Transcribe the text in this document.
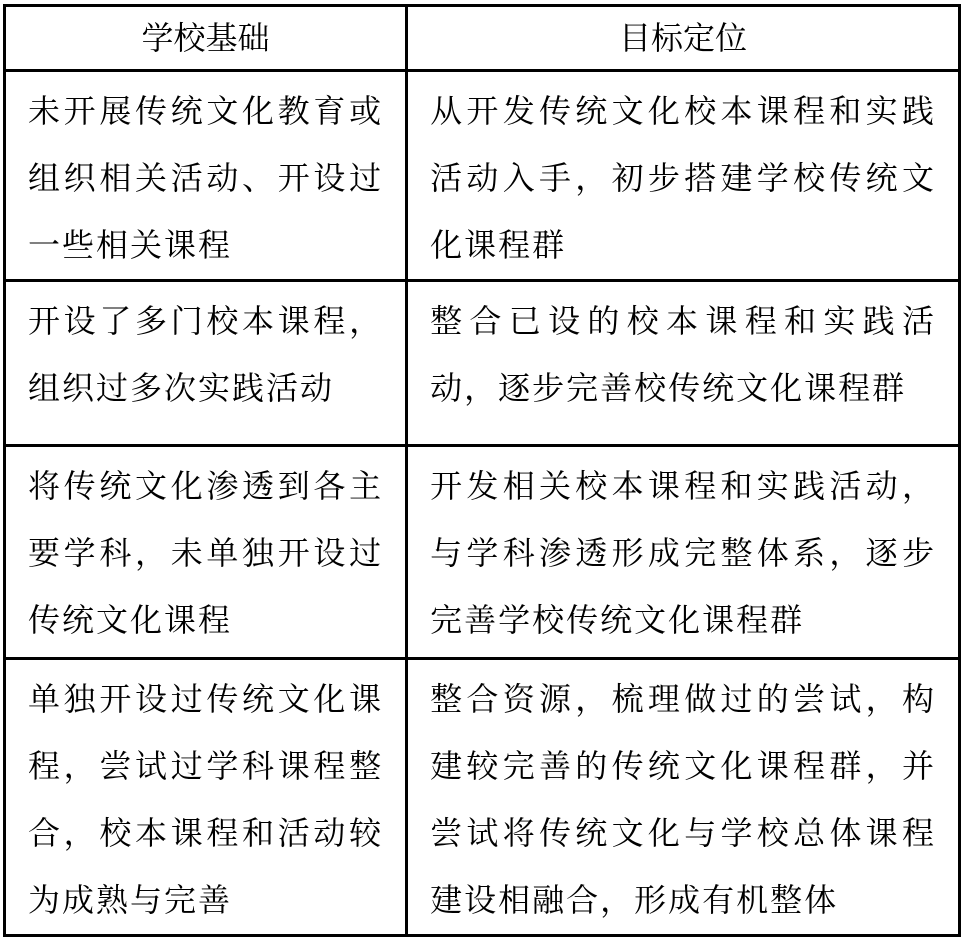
学校基础	目标定位

未开展传统文化教育或组织相关活动、开设过一些相关课程	从开发传统文化校本课程和实践活动入手，初步搭建学校传统文化课程群

开设了多门校本课程，组织过多次实践活动	整合已设的校本课程和实践活动，逐步完善校传统文化课程群

将传统文化渗透到各主要学科，未单独开设过传统文化课程	开发相关校本课程和实践活动，与学科渗透形成完整体系，逐步完善学校传统文化课程群

单独开设过传统文化课程，尝试过学科课程整合，校本课程和活动较为成熟与完善	整合资源，梳理做过的尝试，构建较完善的传统文化课程群，并尝试将传统文化与学校总体课程建设相融合，形成有机整体
